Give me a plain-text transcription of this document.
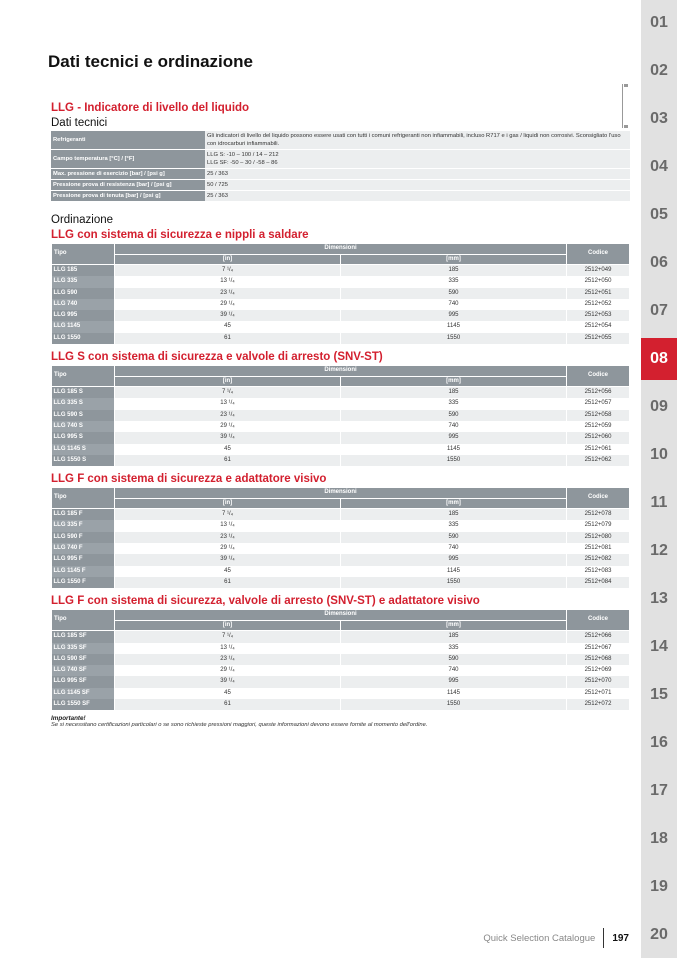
01
02
03
04
05
06
07
08
09
10
11
12
13
14
15
16
17
18
19
20
Dati tecnici e ordinazione

LLG - Indicatore di livello del liquido

Dati tecnici

Refrigeranti	Gli indicatori di livello del liquido possono essere usati con tutti i comuni refrigeranti non infiammabili, incluso R717 e i gas / liquidi non corrosivi. Sconsigliato l'uso con idrocarburi infiammabili.
Campo temperatura [°C] / [°F]	LLG S: -10 – 100 / 14 – 212
LLG SF: -50 – 30 / -58 – 86
Max. pressione di esercizio [bar] / [psi g]	25 / 363
Pressione prova di resistenza [bar] / [psi g]	50 / 725
Pressione prova di tenuta [bar] / [psi g]	25 / 363

Ordinazione

LLG con sistema di sicurezza e nippli a saldare

Tipo	Dimensioni		Codice
	[in]	[mm]	
LLG 185	7 ¹/₄	185	2512+049
LLG 335	13 ¹/₄	335	2512+050
LLG 590	23 ¹/₄	590	2512+051
LLG 740	29 ¹/₄	740	2512+052
LLG 995	39 ¹/₄	995	2512+053
LLG 1145	45	1145	2512+054
LLG 1550	61	1550	2512+055

LLG S con sistema di sicurezza e valvole di arresto (SNV-ST)

Tipo	Dimensioni		Codice
	[in]	[mm]	
LLG 185 S	7 ¹/₄	185	2512+056
LLG 335 S	13 ¹/₄	335	2512+057
LLG 590 S	23 ¹/₄	590	2512+058
LLG 740 S	29 ¹/₄	740	2512+059
LLG 995 S	39 ¹/₄	995	2512+060
LLG 1145 S	45	1145	2512+061
LLG 1550 S	61	1550	2512+062

LLG F con sistema di sicurezza e adattatore visivo

Tipo	Dimensioni		Codice
	[in]	[mm]	
LLG 185 F	7 ¹/₄	185	2512+078
LLG 335 F	13 ¹/₄	335	2512+079
LLG 590 F	23 ¹/₄	590	2512+080
LLG 740 F	29 ¹/₄	740	2512+081
LLG 995 F	39 ¹/₄	995	2512+082
LLG 1145 F	45	1145	2512+083
LLG 1550 F	61	1550	2512+084

LLG F con sistema di sicurezza, valvole di arresto (SNV-ST) e adattatore visivo

Tipo	Dimensioni		Codice
	[in]	[mm]	
LLG 185 SF	7 ¹/₄	185	2512+066
LLG 335 SF	13 ¹/₄	335	2512+067
LLG 590 SF	23 ¹/₄	590	2512+068
LLG 740 SF	29 ¹/₄	740	2512+069
LLG 995 SF	39 ¹/₄	995	2512+070
LLG 1145 SF	45	1145	2512+071
LLG 1550 SF	61	1550	2512+072
Importante!
Se si necessitano certificazioni particolari o se sono richieste pressioni maggiori, queste informazioni devono essere fornite al momento dell'ordine.
Quick Selection Catalogue 197
